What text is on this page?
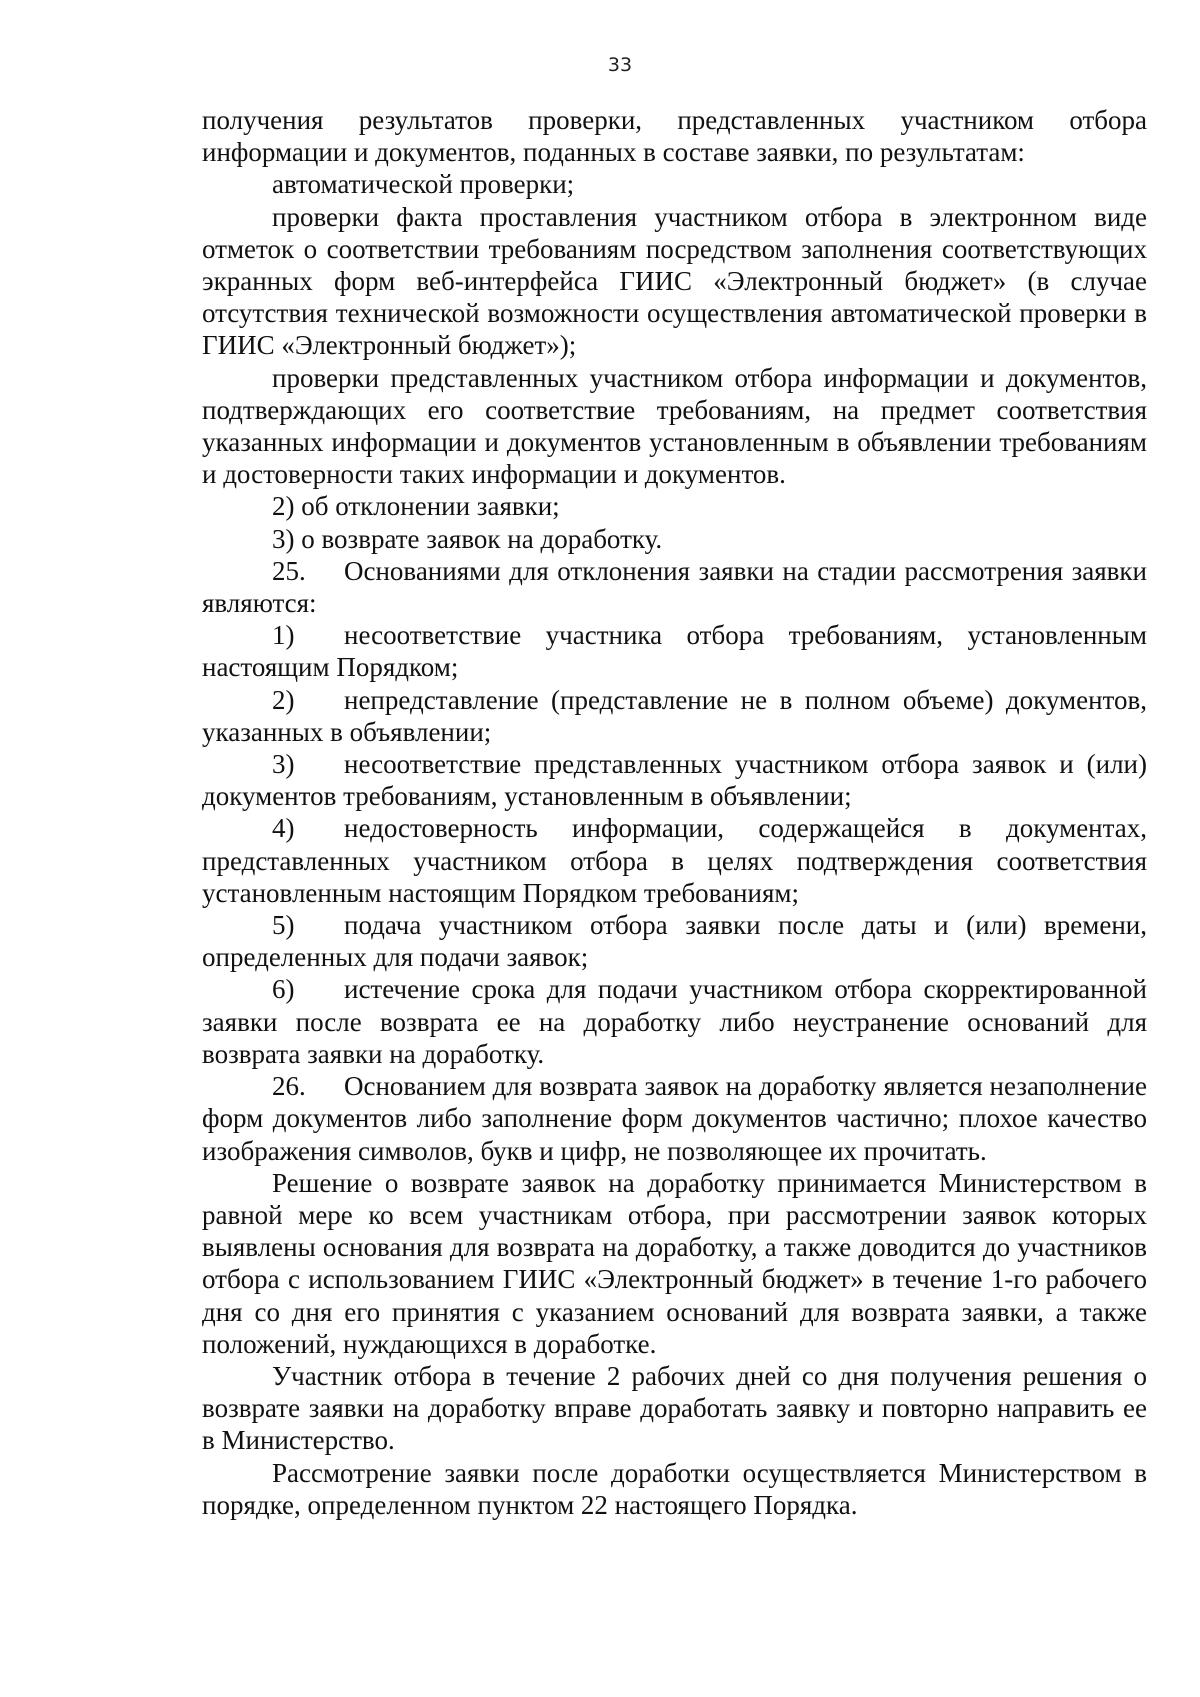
33

получения результатов проверки, представленных участником отбора информации и документов, поданных в составе заявки, по результатам:

автоматической проверки;

проверки факта проставления участником отбора в электронном виде отметок о соответствии требованиям посредством заполнения соответствующих экранных форм веб-интерфейса ГИИС «Электронный бюджет» (в случае отсутствия технической возможности осуществления автоматической проверки в ГИИС «Электронный бюджет»);

проверки представленных участником отбора информации и документов, подтверждающих его соответствие требованиям, на предмет соответствия указанных информации и документов установленным в объявлении требованиям и достоверности таких информации и документов.

2) об отклонении заявки;

3) о возврате заявок на доработку.

25. Основаниями для отклонения заявки на стадии рассмотрения заявки являются:

1) несоответствие участника отбора требованиям, установленным настоящим Порядком;

2) непредставление (представление не в полном объеме) документов, указанных в объявлении;

3) несоответствие представленных участником отбора заявок и (или) документов требованиям, установленным в объявлении;

4) недостоверность информации, содержащейся в документах, представленных участником отбора в целях подтверждения соответствия установленным настоящим Порядком требованиям;

5) подача участником отбора заявки после даты и (или) времени, определенных для подачи заявок;

6) истечение срока для подачи участником отбора скорректированной заявки после возврата ее на доработку либо неустранение оснований для возврата заявки на доработку.

26. Основанием для возврата заявок на доработку является незаполнение форм документов либо заполнение форм документов частично; плохое качество изображения символов, букв и цифр, не позволяющее их прочитать.

Решение о возврате заявок на доработку принимается Министерством в равной мере ко всем участникам отбора, при рассмотрении заявок которых выявлены основания для возврата на доработку, а также доводится до участников отбора с использованием ГИИС «Электронный бюджет» в течение 1-го рабочего дня со дня его принятия с указанием оснований для возврата заявки, а также положений, нуждающихся в доработке.

Участник отбора в течение 2 рабочих дней со дня получения решения о возврате заявки на доработку вправе доработать заявку и повторно направить ее в Министерство.

Рассмотрение заявки после доработки осуществляется Министерством в порядке, определенном пунктом 22 настоящего Порядка.
